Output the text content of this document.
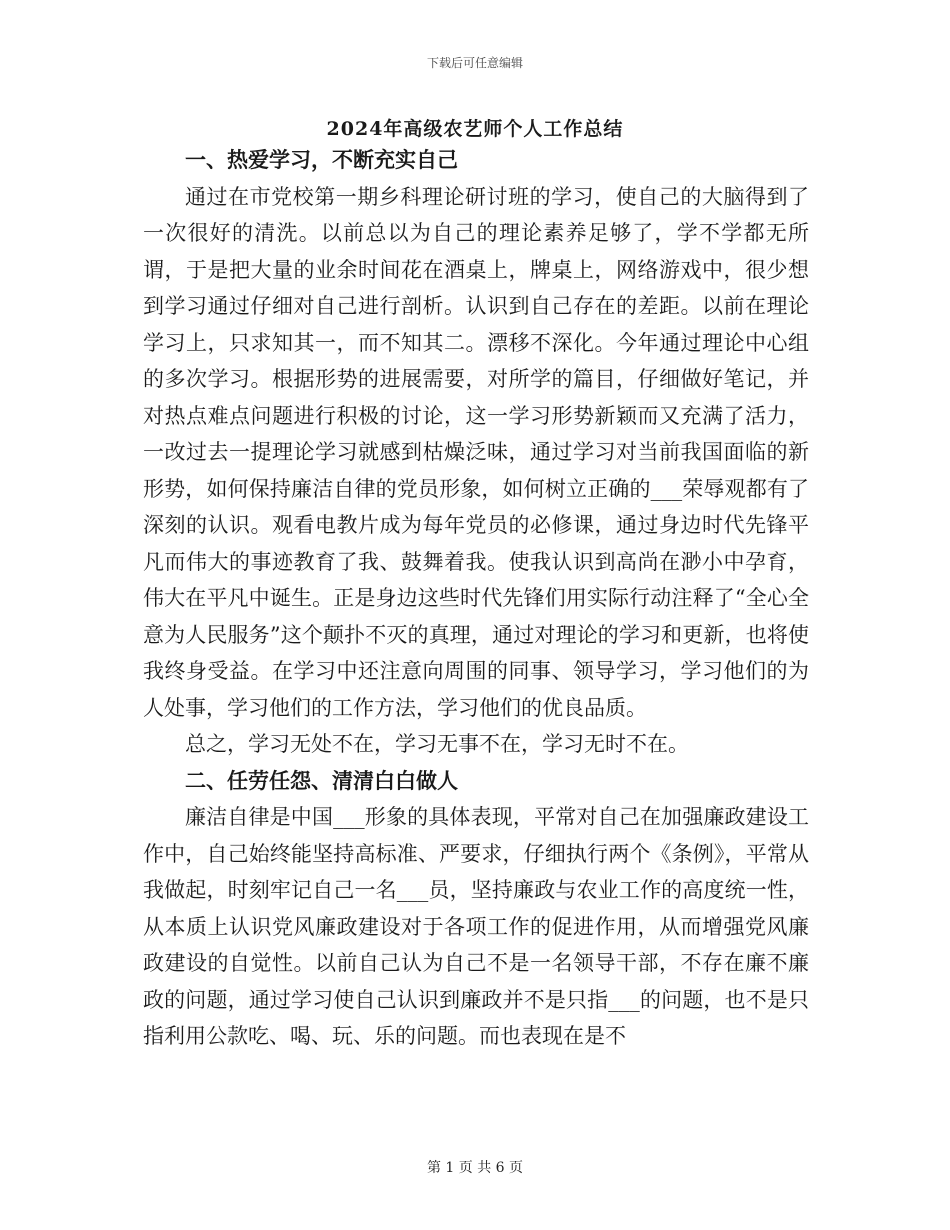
下载后可任意编辑
2024年高级农艺师个人工作总结

一、热爱学习，不断充实自己

通过在市党校第一期乡科理论研讨班的学习，使自己的大脑得到了一次很好的清洗。以前总以为自己的理论素养足够了，学不学都无所谓，于是把大量的业余时间花在酒桌上，牌桌上，网络游戏中，很少想到学习通过仔细对自己进行剖析。认识到自己存在的差距。以前在理论学习上，只求知其一，而不知其二。漂移不深化。今年通过理论中心组的多次学习。根据形势的进展需要，对所学的篇目，仔细做好笔记，并对热点难点问题进行积极的讨论，这一学习形势新颖而又充满了活力，一改过去一提理论学习就感到枯燥泛味，通过学习对当前我国面临的新形势，如何保持廉洁自律的党员形象，如何树立正确的___荣辱观都有了深刻的认识。观看电教片成为每年党员的必修课，通过身边时代先锋平凡而伟大的事迹教育了我、鼓舞着我。使我认识到高尚在渺小中孕育，伟大在平凡中诞生。正是身边这些时代先锋们用实际行动注释了“全心全意为人民服务”这个颠扑不灭的真理，通过对理论的学习和更新，也将使我终身受益。在学习中还注意向周围的同事、领导学习，学习他们的为人处事，学习他们的工作方法，学习他们的优良品质。

总之，学习无处不在，学习无事不在，学习无时不在。

二、任劳任怨、清清白白做人

廉洁自律是中国___形象的具体表现，平常对自己在加强廉政建设工作中，自己始终能坚持高标准、严要求，仔细执行两个《条例》，平常从我做起，时刻牢记自己一名___员，坚持廉政与农业工作的高度统一性，从本质上认识党风廉政建设对于各项工作的促进作用，从而增强党风廉政建设的自觉性。以前自己认为自己不是一名领导干部，不存在廉不廉政的问题，通过学习使自己认识到廉政并不是只指___的问题，也不是只指利用公款吃、喝、玩、乐的问题。而也表现在是不

第 1 页 共 6 页
